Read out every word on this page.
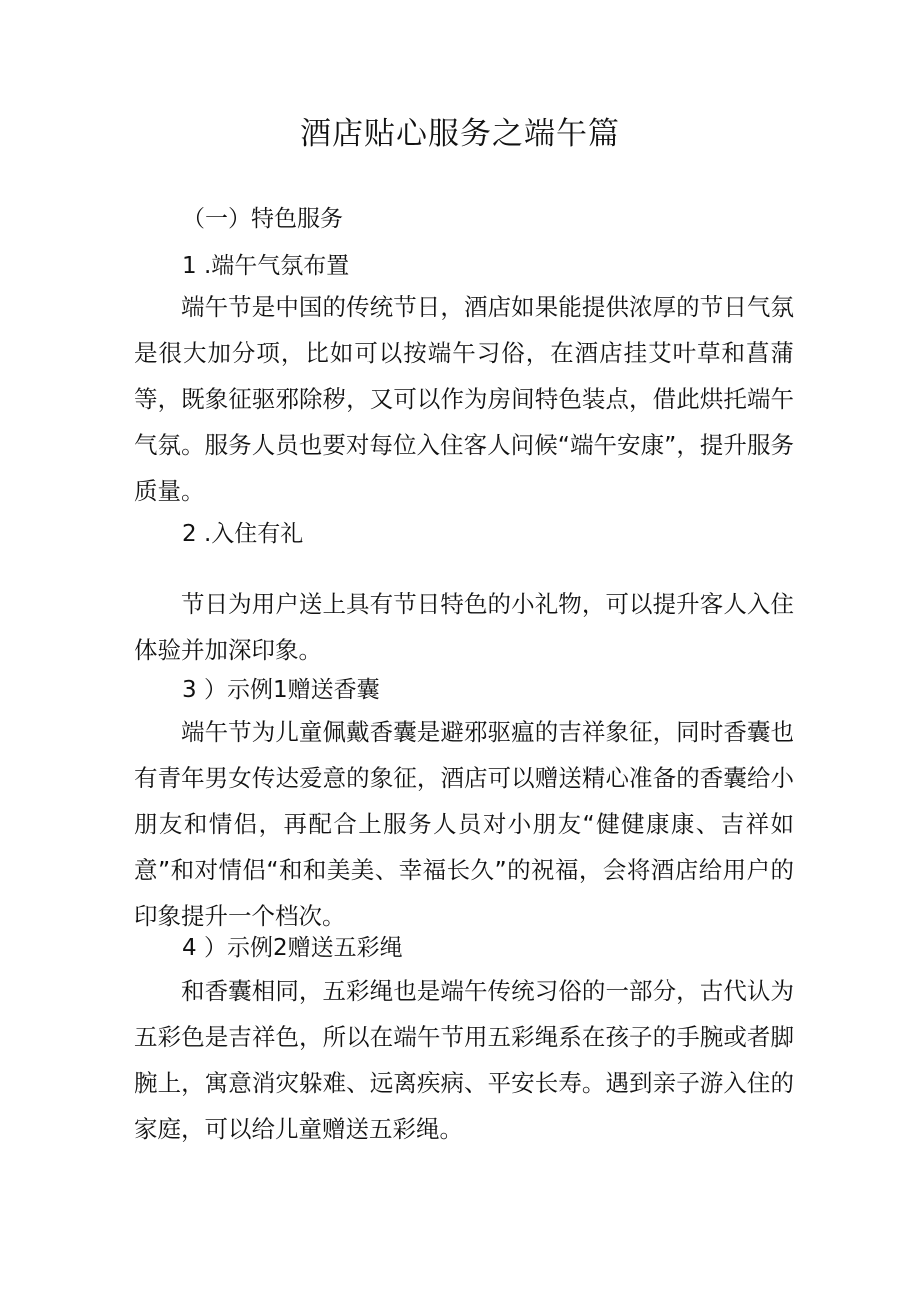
酒店贴心服务之端午篇
（一）特色服务
1 .端午气氛布置
端午节是中国的传统节日，酒店如果能提供浓厚的节日气氛是很大加分项，比如可以按端午习俗，在酒店挂艾叶草和菖蒲等，既象征驱邪除秽，又可以作为房间特色装点，借此烘托端午气氛。服务人员也要对每位入住客人问候“端午安康”，提升服务质量。
2 .入住有礼
节日为用户送上具有节日特色的小礼物，可以提升客人入住体验并加深印象。
3 ）示例1赠送香囊
端午节为儿童佩戴香囊是避邪驱瘟的吉祥象征，同时香囊也有青年男女传达爱意的象征，酒店可以赠送精心准备的香囊给小朋友和情侣，再配合上服务人员对小朋友“健健康康、吉祥如意”和对情侣“和和美美、幸福长久”的祝福，会将酒店给用户的印象提升一个档次。
4 ）示例2赠送五彩绳
和香囊相同，五彩绳也是端午传统习俗的一部分，古代认为五彩色是吉祥色，所以在端午节用五彩绳系在孩子的手腕或者脚腕上，寓意消灾躲难、远离疾病、平安长寿。遇到亲子游入住的家庭，可以给儿童赠送五彩绳。
